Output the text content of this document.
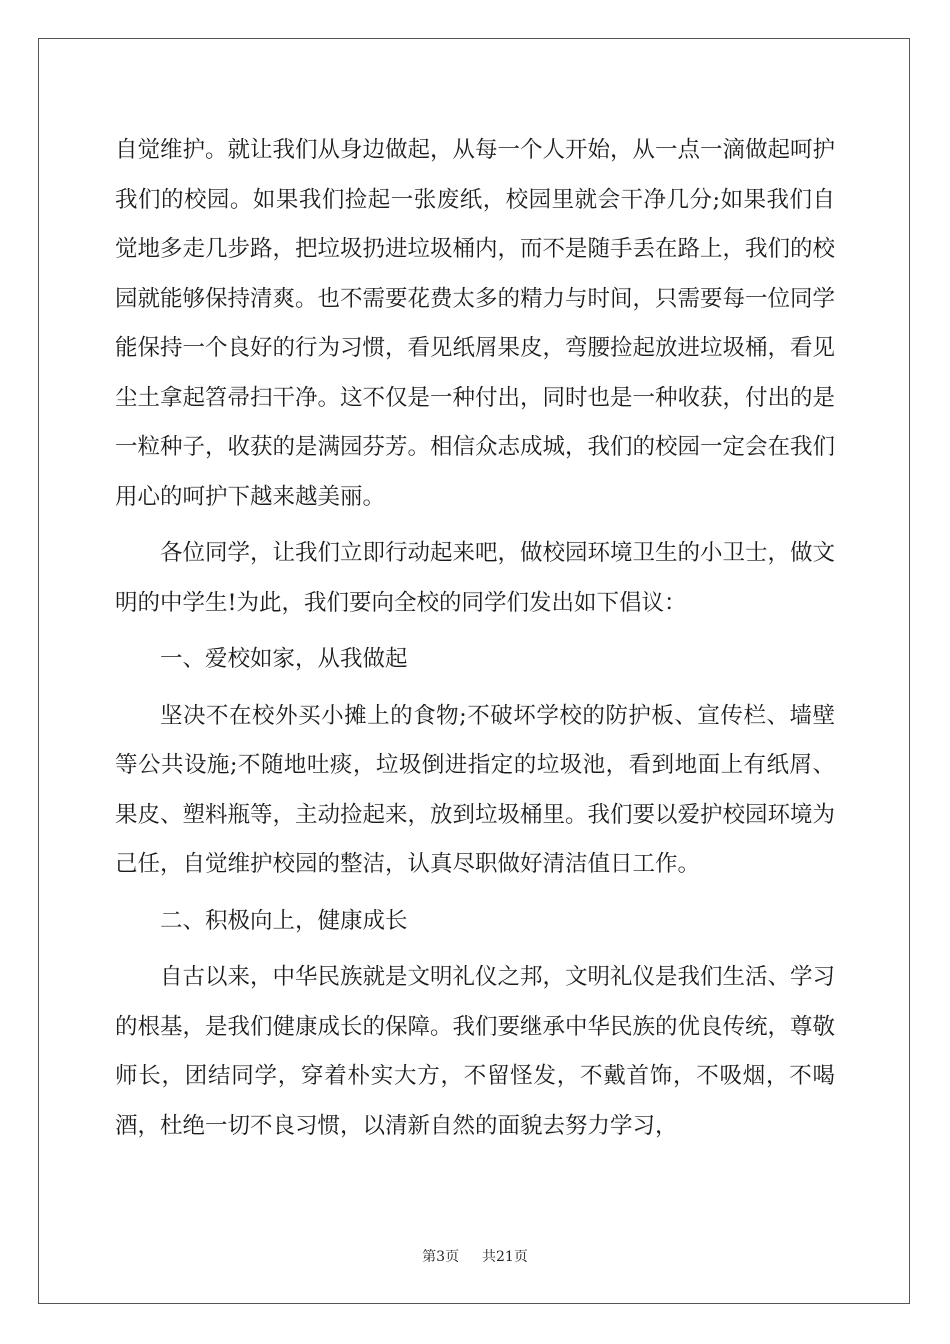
自觉维护。就让我们从身边做起，从每一个人开始，从一点一滴做起呵护我们的校园。如果我们捡起一张废纸，校园里就会干净几分;如果我们自觉地多走几步路，把垃圾扔进垃圾桶内，而不是随手丢在路上，我们的校园就能够保持清爽。也不需要花费太多的精力与时间，只需要每一位同学能保持一个良好的行为习惯，看见纸屑果皮，弯腰捡起放进垃圾桶，看见尘土拿起笤帚扫干净。这不仅是一种付出，同时也是一种收获，付出的是一粒种子，收获的是满园芬芳。相信众志成城，我们的校园一定会在我们用心的呵护下越来越美丽。

各位同学，让我们立即行动起来吧，做校园环境卫生的小卫士，做文明的中学生!为此，我们要向全校的同学们发出如下倡议：

一、爱校如家，从我做起

坚决不在校外买小摊上的食物;不破坏学校的防护板、宣传栏、墙壁等公共设施;不随地吐痰，垃圾倒进指定的垃圾池，看到地面上有纸屑、果皮、塑料瓶等，主动捡起来，放到垃圾桶里。我们要以爱护校园环境为己任，自觉维护校园的整洁，认真尽职做好清洁值日工作。

二、积极向上，健康成长

自古以来，中华民族就是文明礼仪之邦，文明礼仪是我们生活、学习的根基，是我们健康成长的保障。我们要继承中华民族的优良传统，尊敬师长，团结同学，穿着朴实大方，不留怪发，不戴首饰，不吸烟，不喝酒，杜绝一切不良习惯，以清新自然的面貌去努力学习，

第3页 共21页
